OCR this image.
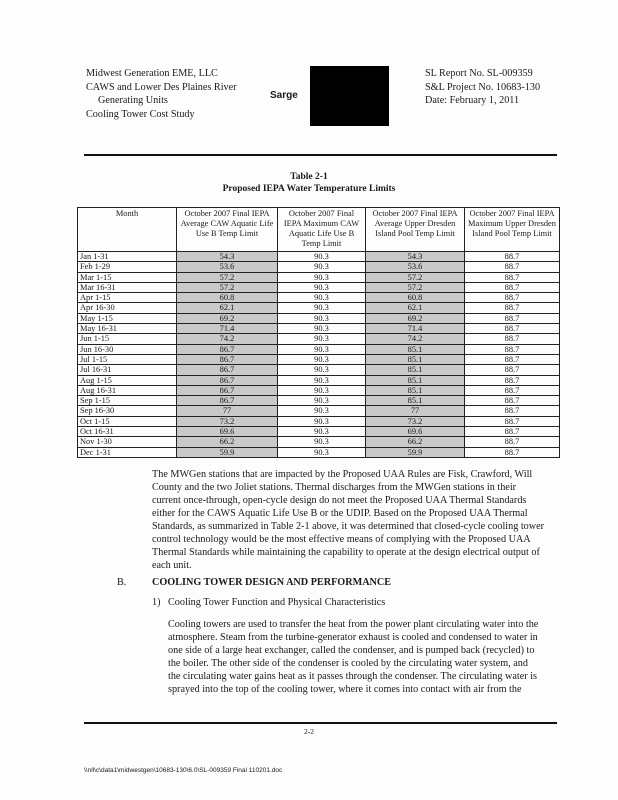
Midwest Generation EME, LLC
CAWS and Lower Des Plaines River
Generating Units
Cooling Tower Cost Study
Sarge
SL Report No. SL-009359
S&L Project No. 10683-130
Date: February 1, 2011
Table 2-1
Proposed IEPA Water Temperature Limits
Month	October 2007 Final IEPA Average CAW Aquatic Life Use B Temp Limit	October 2007 Final IEPA Maximum CAW Aquatic Life Use B Temp Limit	October 2007 Final IEPA Average Upper Dresden Island Pool Temp Limit	October 2007 Final IEPA Maximum Upper Dresden Island Pool Temp Limit
Jan 1-31	54.3	90.3	54.3	88.7
Feb 1-29	53.6	90.3	53.6	88.7
Mar 1-15	57.2	90.3	57.2	88.7
Mar 16-31	57.2	90.3	57.2	88.7
Apr 1-15	60.8	90.3	60.8	88.7
Apr 16-30	62.1	90.3	62.1	88.7
May 1-15	69.2	90.3	69.2	88.7
May 16-31	71.4	90.3	71.4	88.7
Jun 1-15	74.2	90.3	74.2	88.7
Jun 16-30	86.7	90.3	85.1	88.7
Jul 1-15	86.7	90.3	85.1	88.7
Jul 16-31	86.7	90.3	85.1	88.7
Aug 1-15	86.7	90.3	85.1	88.7
Aug 16-31	86.7	90.3	85.1	88.7
Sep 1-15	86.7	90.3	85.1	88.7
Sep 16-30	77	90.3	77	88.7
Oct 1-15	73.2	90.3	73.2	88.7
Oct 16-31	69.6	90.3	69.6	88.7
Nov 1-30	66.2	90.3	66.2	88.7
Dec 1-31	59.9	90.3	59.9	88.7
The MWGen stations that are impacted by the Proposed UAA Rules are Fisk, Crawford, Will
County and the two Joliet stations. Thermal discharges from the MWGen stations in their
current once-through, open-cycle design do not meet the Proposed UAA Thermal Standards
either for the CAWS Aquatic Life Use B or the UDIP. Based on the Proposed UAA Thermal
Standards, as summarized in Table 2-1 above, it was determined that closed-cycle cooling tower
control technology would be the most effective means of complying with the Proposed UAA
Thermal Standards while maintaining the capability to operate at the design electrical output of
each unit.
B.	COOLING TOWER DESIGN AND PERFORMANCE
1) Cooling Tower Function and Physical Characteristics
Cooling towers are used to transfer the heat from the power plant circulating water into the
atmosphere. Steam from the turbine-generator exhaust is cooled and condensed to water in
one side of a large heat exchanger, called the condenser, and is pumped back (recycled) to
the boiler. The other side of the condenser is cooled by the circulating water system, and
the circulating water gains heat as it passes through the condenser. The circulating water is
sprayed into the top of the cooling tower, where it comes into contact with air from the
2-2
\\nll\c\data1\midwestgen\10683-130\6.0\SL-009359 Final 110201.doc
